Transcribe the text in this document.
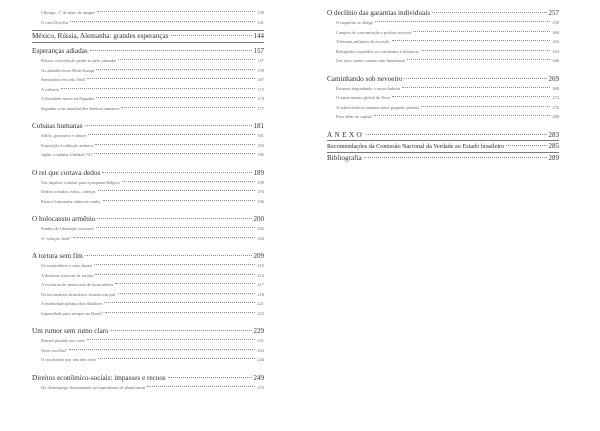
Chicago, 1º de maio de sangue	139
O caso Dreyfus	141
México, Rússia, Alemanha: grandes esperanças	144
Esperanças adiadas	157
Rússia: a revolução perde-se pelo caminho	157
Os alemães leem Mein Kampf	159
Semeadura em solo fértil	167
A colheita	172
A liberdade morre na Espanha	174
Segunda crise mundial dos direitos humanos	177
Cobaias humanas	181
Sífilis, gonorreia e câncer	181
Exposição à radiação atômica	183
Japão: a infame Unidade 731	185
O rei que cortava dedos	189
Um império colonial para a pequena Bélgica	190
Dedos cortados, mãos, cabeças	193
Patrice Lumumba tinha um sonho	196
O holocausto armênio	200
Sonhos de libertação nacional	202
A “solução final”	204
A tortura sem fim	209
Os torturadores e seus alunos	210
A doutrina francesa de tortura	214
A escola norte-americana de torturadores	217
Os torcionários brasileiros ficaram em paz	218
A intimidade política dos ditadores	221
Impunidade para sempre no Brasil?	225
Um rumor sem rumo claro	229
Retrato pintado em cores	231
Nova escolha?	233
O socialismo que não deu certo	244
Direitos econômico-sociais: impasses e recuos	249
Do desemprego disseminado ao capitalismo de plataformas	253
O declínio das garantias individuais	257
O inquérito se alarga	258
Campos de concentração e prisões secretas	260
Tribunais militares de exceção	263
Refugiados repelidos ou confinados à distância	264
Um novo nome comum anti-humanista	266
Caminhando sob nevoeiro	269
Estamos degradando o nosso habitat	269
O aquecimento global da Terra	272
A sobrevivência humana neste pequeno planeta	276
Para além do capital	280
ANEXO	283
Recomendações da Comissão Nacional da Verdade ao Estado brasileiro	285
Bibliografia	289
